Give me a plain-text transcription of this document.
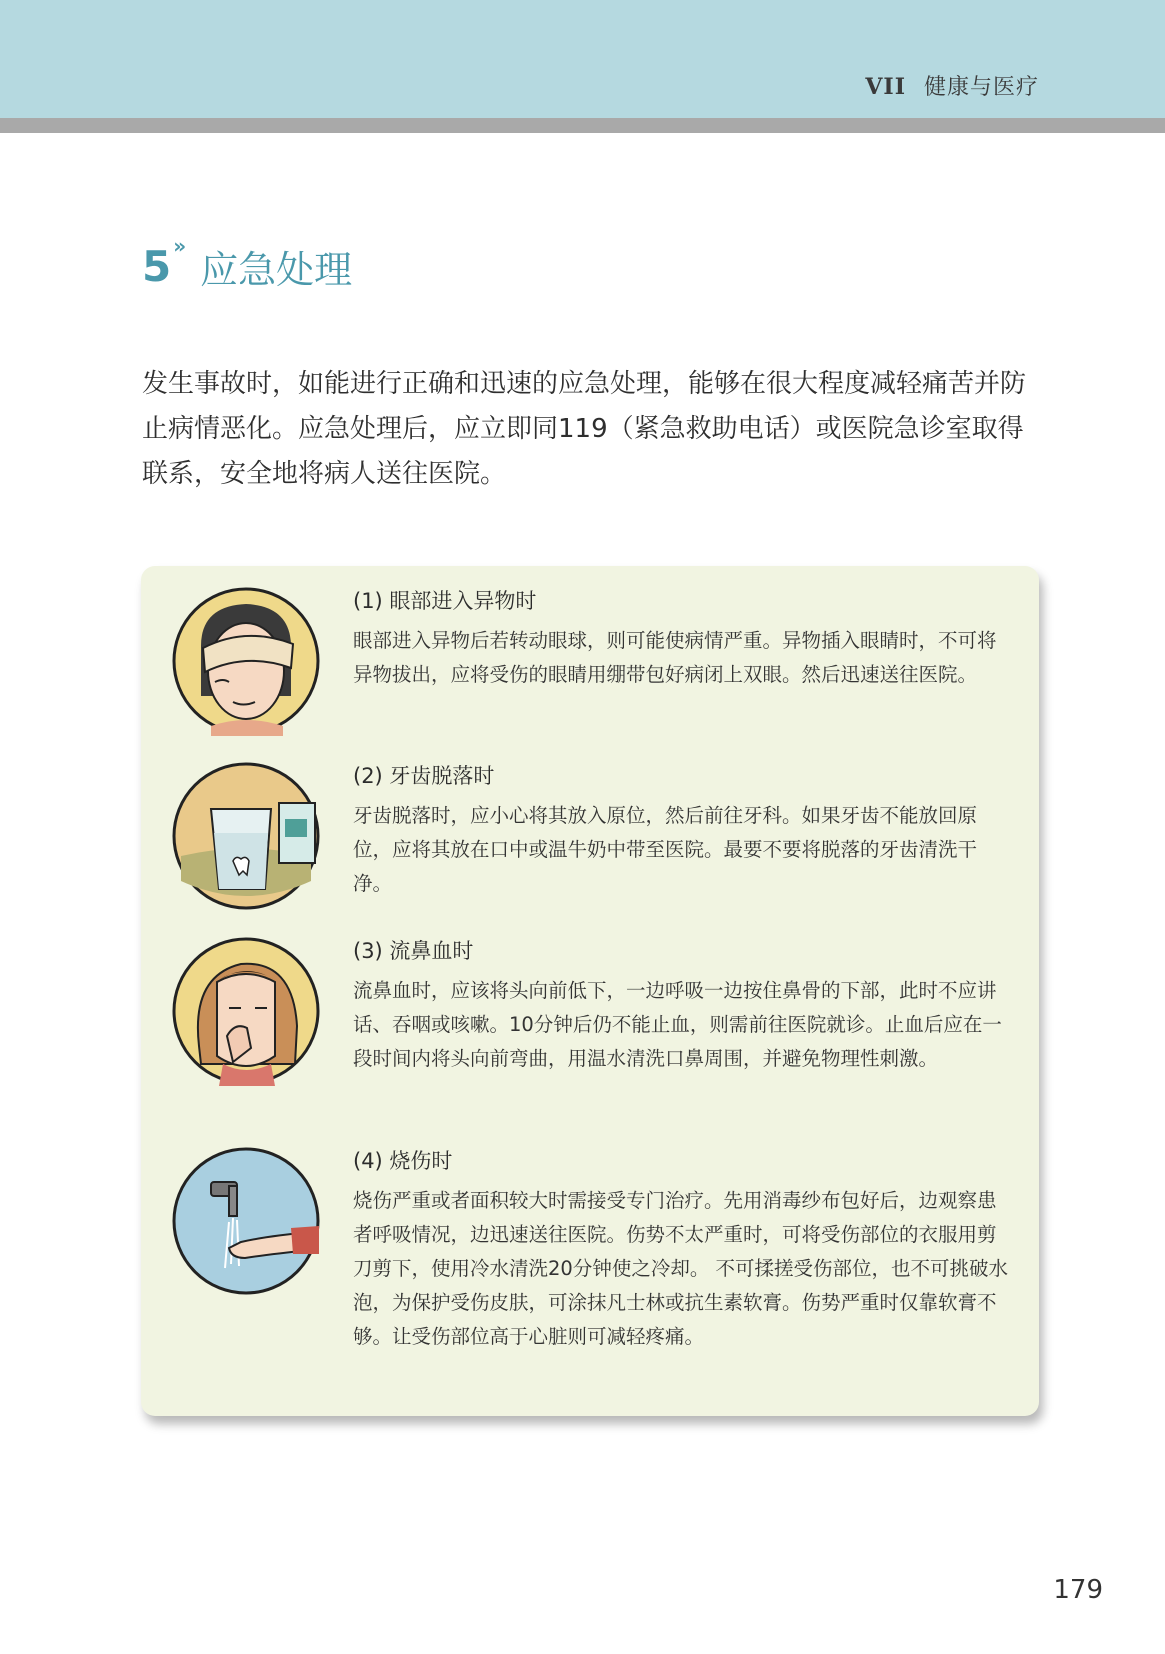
VII 健康与医疗
5 »应急处理

发生事故时，如能进行正确和迅速的应急处理，能够在很大程度减轻痛苦并防止病情恶化。应急处理后，应立即同119（紧急救助电话）或医院急诊室取得联系，安全地将病人送往医院。

(1) 眼部进入异物时
眼部进入异物后若转动眼球，则可能使病情严重。异物插入眼睛时，不可将异物拔出，应将受伤的眼睛用绷带包好病闭上双眼。然后迅速送往医院。
(2) 牙齿脱落时
牙齿脱落时，应小心将其放入原位，然后前往牙科。如果牙齿不能放回原位，应将其放在口中或温牛奶中带至医院。最要不要将脱落的牙齿清洗干净。
(3) 流鼻血时
流鼻血时，应该将头向前低下，一边呼吸一边按住鼻骨的下部，此时不应讲话、吞咽或咳嗽。10分钟后仍不能止血，则需前往医院就诊。止血后应在一段时间内将头向前弯曲，用温水清洗口鼻周围，并避免物理性刺激。
(4) 烧伤时
烧伤严重或者面积较大时需接受专门治疗。先用消毒纱布包好后，边观察患者呼吸情况，边迅速送往医院。伤势不太严重时，可将受伤部位的衣服用剪刀剪下，使用冷水清洗20分钟使之冷却。 不可揉搓受伤部位，也不可挑破水泡，为保护受伤皮肤，可涂抹凡士林或抗生素软膏。伤势严重时仅靠软膏不够。让受伤部位高于心脏则可减轻疼痛。
179
